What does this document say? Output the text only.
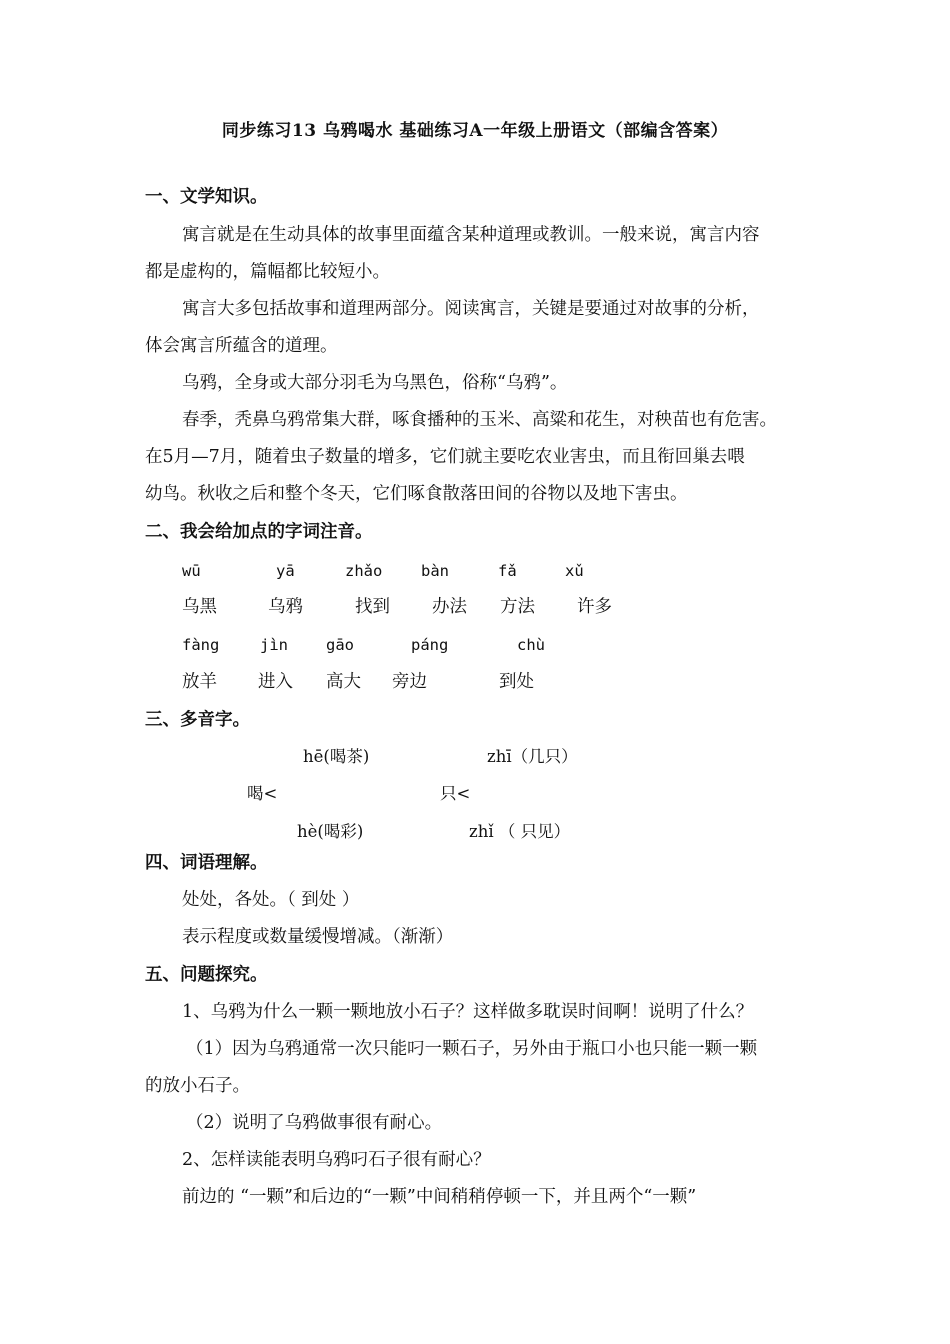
同步练习13 乌鸦喝水 基础练习A一年级上册语文（部编含答案）
一、文学知识。
寓言就是在生动具体的故事里面蕴含某种道理或教训。一般来说，寓言内容
都是虚构的，篇幅都比较短小。
寓言大多包括故事和道理两部分。阅读寓言，关键是要通过对故事的分析，
体会寓言所蕴含的道理。
乌鸦，全身或大部分羽毛为乌黑色，俗称“乌鸦”。
春季，秃鼻乌鸦常集大群，啄食播种的玉米、高粱和花生，对秧苗也有危害。
在5月—7月，随着虫子数量的增多，它们就主要吃农业害虫，而且衔回巢去喂
幼鸟。秋收之后和整个冬天，它们啄食散落田间的谷物以及地下害虫。
二、我会给加点的字词注音。
wū	yā	zhǎo bàn	fǎ	xǔ
乌黑	乌鸦	找到 办法 方法 许多
fàng	jìn gāo	páng	chù
放羊 进入 高大 旁边	到处
三、多音字。
hē(喝茶)
喝<
hè(喝彩)
zhī（几只）
只<
zhǐ （ 只见）
四、词语理解。
处处，各处。（ 到处 ）
表示程度或数量缓慢增减。（渐渐）
五、问题探究。
1、乌鸦为什么一颗一颗地放小石子？这样做多耽误时间啊！说明了什么？
（1）因为乌鸦通常一次只能叼一颗石子，另外由于瓶口小也只能一颗一颗
的放小石子。
（2）说明了乌鸦做事很有耐心。
2、怎样读能表明乌鸦叼石子很有耐心？
前边的 “一颗”和后边的“一颗”中间稍稍停顿一下，并且两个“一颗”
